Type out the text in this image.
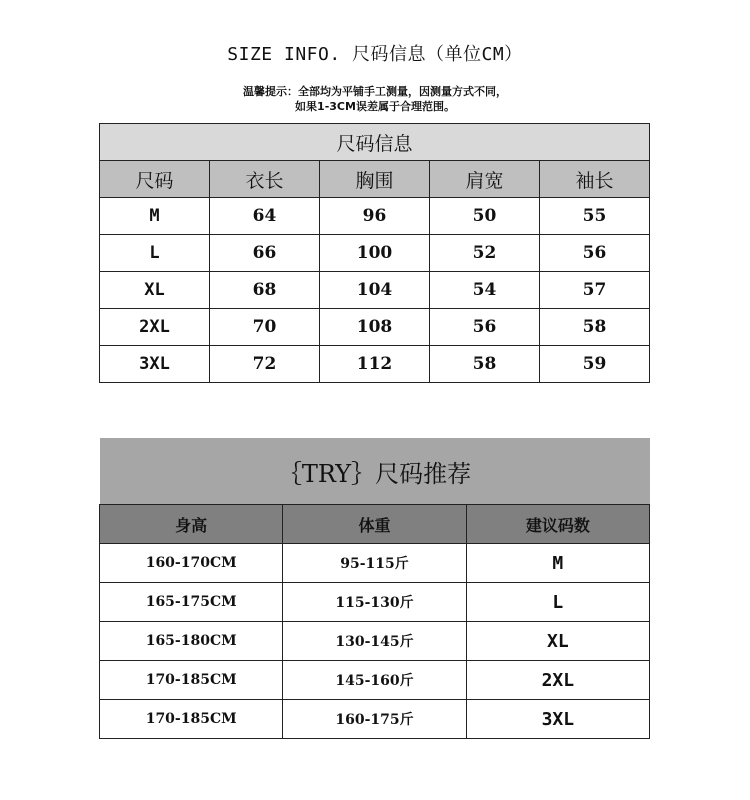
SIZE INFO. 尺码信息（单位CM）
温馨提示：全部均为平铺手工测量，因测量方式不同，
如果1-3CM误差属于合理范围。
尺码信息				
尺码	衣长	胸围	肩宽	袖长
M	64	96	50	55
L	66	100	52	56
XL	68	104	54	57
2XL	70	108	56	58
3XL	72	112	58	59
｛TRY｝尺码推荐		
身高	体重	建议码数
160-170CM	95-115斤	M
165-175CM	115-130斤	L
165-180CM	130-145斤	XL
170-185CM	145-160斤	2XL
170-185CM	160-175斤	3XL
